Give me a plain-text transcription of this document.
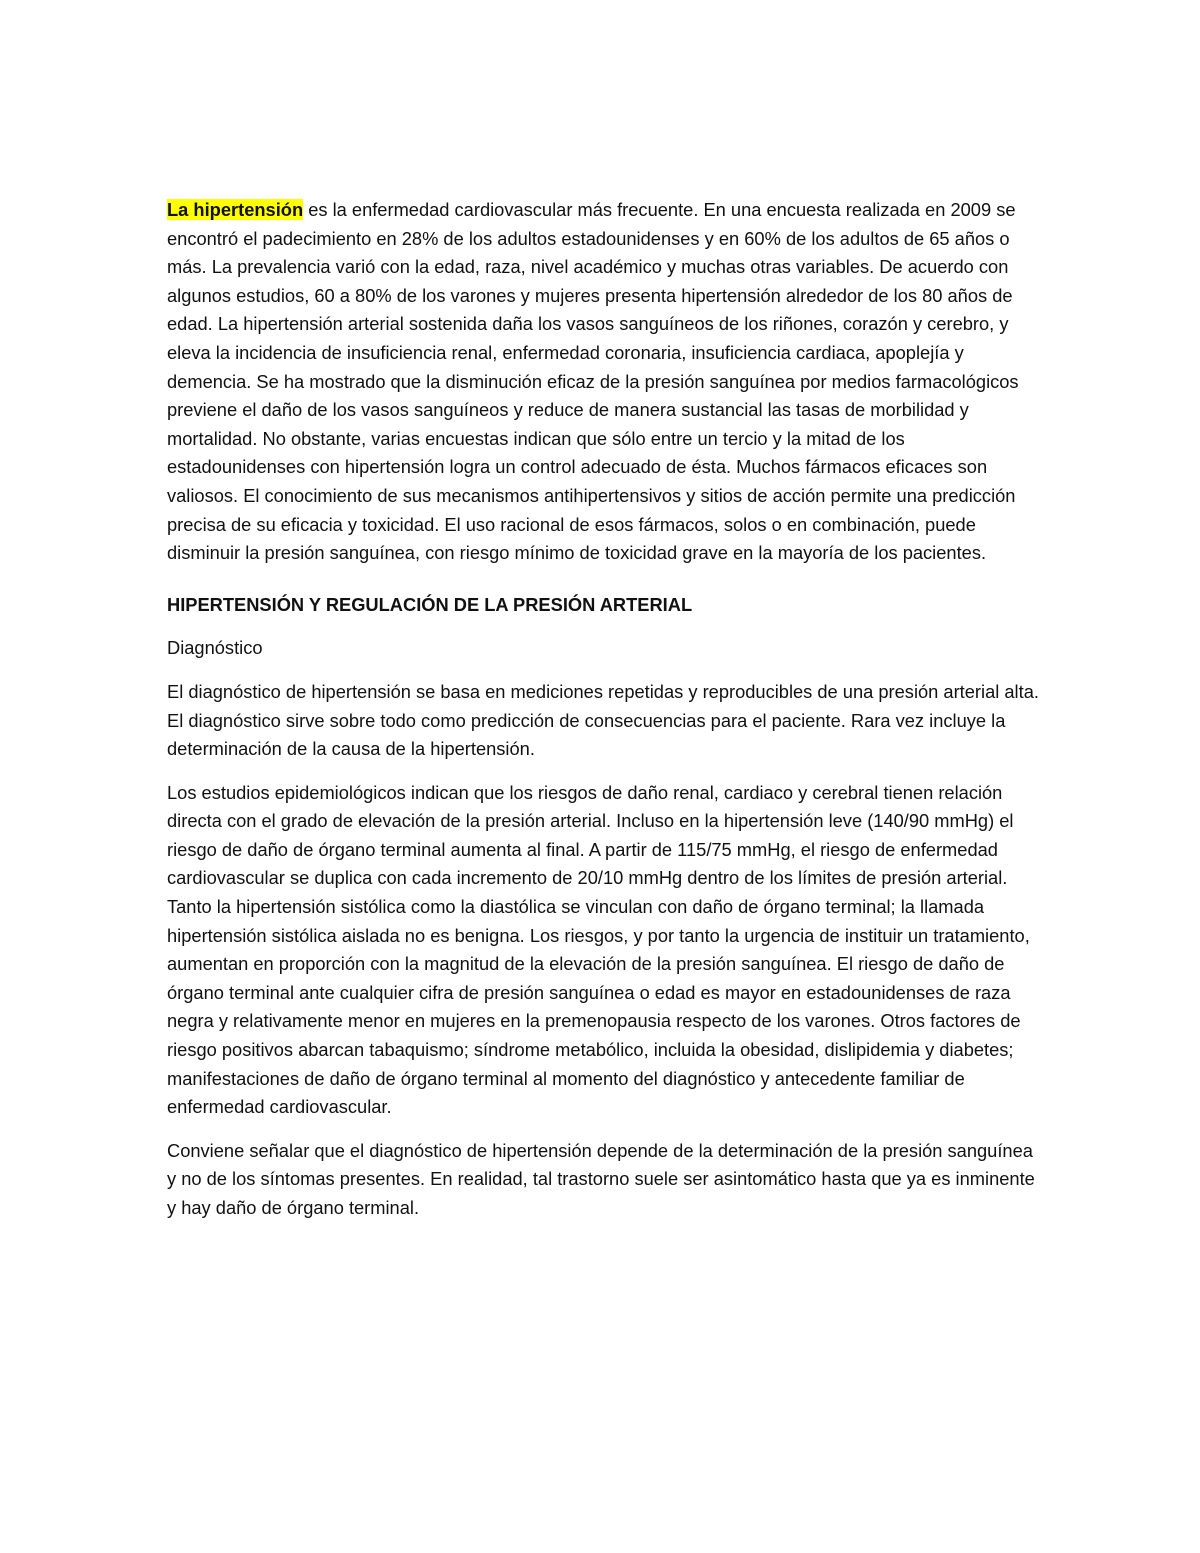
La hipertensión es la enfermedad cardiovascular más frecuente. En una encuesta realizada en 2009 se encontró el padecimiento en 28% de los adultos estadounidenses y en 60% de los adultos de 65 años o más. La prevalencia varió con la edad, raza, nivel académico y muchas otras variables. De acuerdo con algunos estudios, 60 a 80% de los varones y mujeres presenta hipertensión alrededor de los 80 años de edad. La hipertensión arterial sostenida daña los vasos sanguíneos de los riñones, corazón y cerebro, y eleva la incidencia de insuficiencia renal, enfermedad coronaria, insuficiencia cardiaca, apoplejía y demencia. Se ha mostrado que la disminución eficaz de la presión sanguínea por medios farmacológicos previene el daño de los vasos sanguíneos y reduce de manera sustancial las tasas de morbilidad y mortalidad. No obstante, varias encuestas indican que sólo entre un tercio y la mitad de los estadounidenses con hipertensión logra un control adecuado de ésta. Muchos fármacos eficaces son valiosos. El conocimiento de sus mecanismos antihipertensivos y sitios de acción permite una predicción precisa de su eficacia y toxicidad. El uso racional de esos fármacos, solos o en combinación, puede disminuir la presión sanguínea, con riesgo mínimo de toxicidad grave en la mayoría de los pacientes.

HIPERTENSIÓN Y REGULACIÓN DE LA PRESIÓN ARTERIAL

Diagnóstico

El diagnóstico de hipertensión se basa en mediciones repetidas y reproducibles de una presión arterial alta. El diagnóstico sirve sobre todo como predicción de consecuencias para el paciente. Rara vez incluye la determinación de la causa de la hipertensión.

Los estudios epidemiológicos indican que los riesgos de daño renal, cardiaco y cerebral tienen relación directa con el grado de elevación de la presión arterial. Incluso en la hipertensión leve (140/90 mmHg) el riesgo de daño de órgano terminal aumenta al final. A partir de 115/75 mmHg, el riesgo de enfermedad cardiovascular se duplica con cada incremento de 20/10 mmHg dentro de los límites de presión arterial. Tanto la hipertensión sistólica como la diastólica se vinculan con daño de órgano terminal; la llamada hipertensión sistólica aislada no es benigna. Los riesgos, y por tanto la urgencia de instituir un tratamiento, aumentan en proporción con la magnitud de la elevación de la presión sanguínea. El riesgo de daño de órgano terminal ante cualquier cifra de presión sanguínea o edad es mayor en estadounidenses de raza negra y relativamente menor en mujeres en la premenopausia respecto de los varones. Otros factores de riesgo positivos abarcan tabaquismo; síndrome metabólico, incluida la obesidad, dislipidemia y diabetes; manifestaciones de daño de órgano terminal al momento del diagnóstico y antecedente familiar de enfermedad cardiovascular.

Conviene señalar que el diagnóstico de hipertensión depende de la determinación de la presión sanguínea y no de los síntomas presentes. En realidad, tal trastorno suele ser asintomático hasta que ya es inminente y hay daño de órgano terminal.
